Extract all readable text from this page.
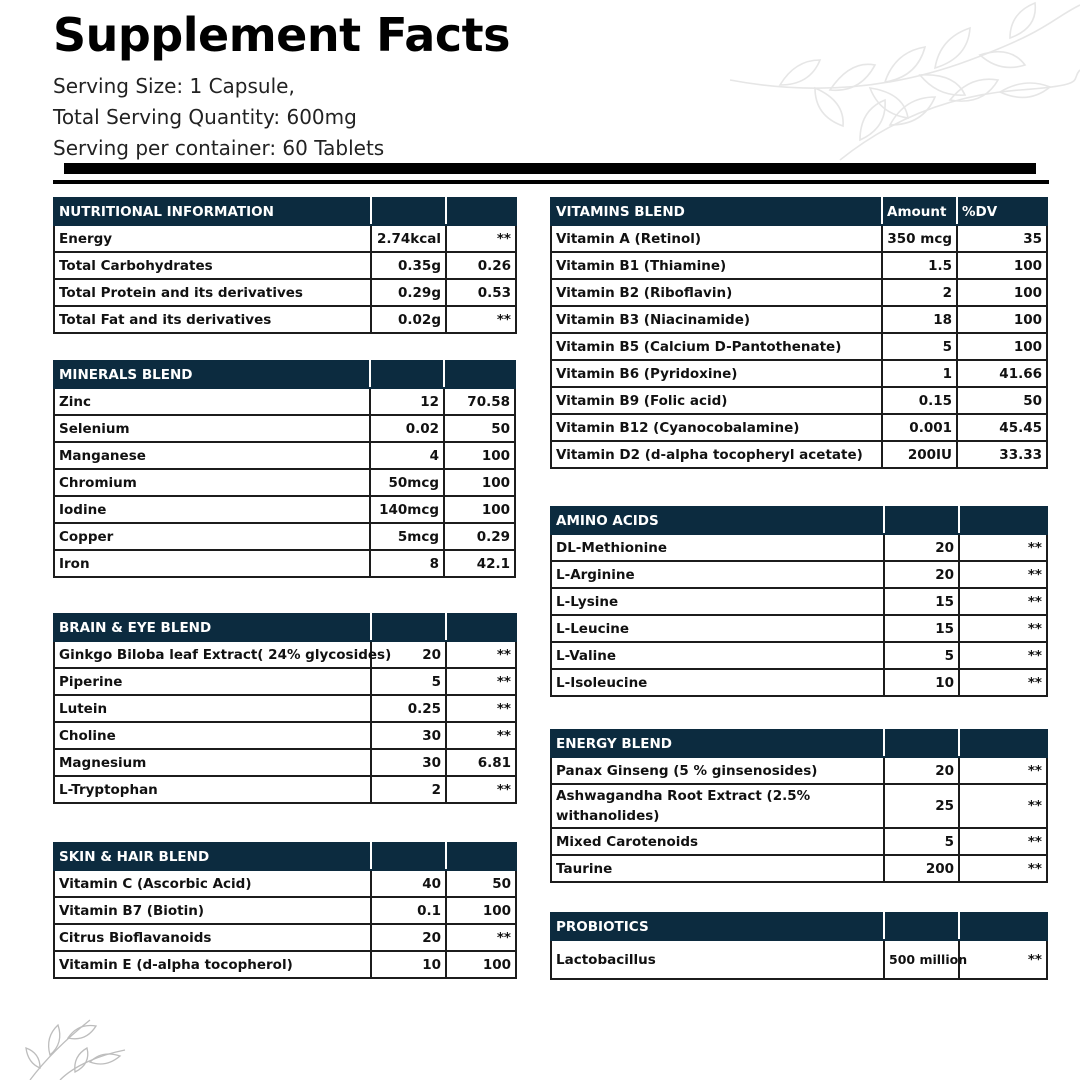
Supplement Facts
Serving Size: 1 Capsule,
Total Serving Quantity: 600mg
Serving per container: 60 Tablets
NUTRITIONAL INFORMATION		
Energy	2.74kcal	**
Total Carbohydrates	0.35g	0.26
Total Protein and its derivatives	0.29g	0.53
Total Fat and its derivatives	0.02g	**
MINERALS BLEND		
Zinc	12	70.58
Selenium	0.02	50
Manganese	4	100
Chromium	50mcg	100
Iodine	140mcg	100
Copper	5mcg	0.29
Iron	8	42.1
BRAIN & EYE BLEND		
Ginkgo Biloba leaf Extract( 24% glycosides)	20	**
Piperine	5	**
Lutein	0.25	**
Choline	30	**
Magnesium	30	6.81
L-Tryptophan	2	**
SKIN & HAIR BLEND		
Vitamin C (Ascorbic Acid)	40	50
Vitamin B7 (Biotin)	0.1	100
Citrus Bioflavanoids	20	**
Vitamin E (d-alpha tocopherol)	10	100
VITAMINS BLEND	Amount	%DV
Vitamin A (Retinol)	350 mcg	35
Vitamin B1 (Thiamine)	1.5	100
Vitamin B2 (Riboflavin)	2	100
Vitamin B3 (Niacinamide)	18	100
Vitamin B5 (Calcium D-Pantothenate)	5	100
Vitamin B6 (Pyridoxine)	1	41.66
Vitamin B9 (Folic acid)	0.15	50
Vitamin B12 (Cyanocobalamine)	0.001	45.45
Vitamin D2 (d-alpha tocopheryl acetate)	200IU	33.33
AMINO ACIDS		
DL-Methionine	20	**
L-Arginine	20	**
L-Lysine	15	**
L-Leucine	15	**
L-Valine	5	**
L-Isoleucine	10	**
ENERGY BLEND		
Panax Ginseng (5 % ginsenosides)	20	**
Ashwagandha Root Extract (2.5% withanolides)	25	**
Mixed Carotenoids	5	**
Taurine	200	**
PROBIOTICS		
Lactobacillus	500 million	**
